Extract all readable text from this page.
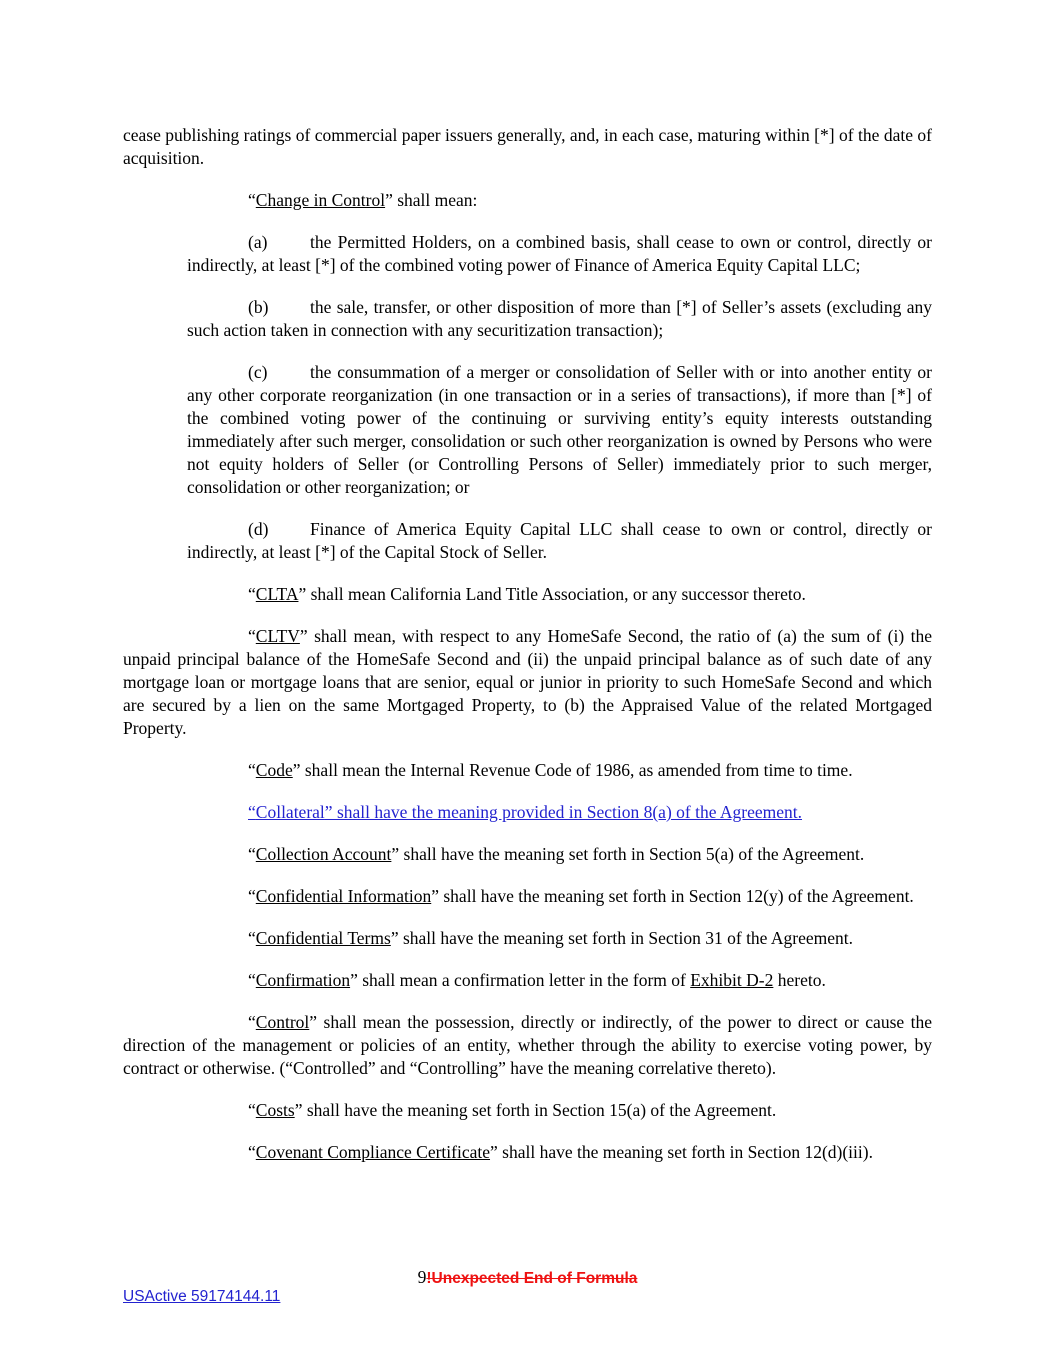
cease publishing ratings of commercial paper issuers generally, and, in each case, maturing within [*] of the date of acquisition.

“Change in Control” shall mean:

(a) the Permitted Holders, on a combined basis, shall cease to own or control, directly or indirectly, at least [*] of the combined voting power of Finance of America Equity Capital LLC;

(b) the sale, transfer, or other disposition of more than [*] of Seller’s assets (excluding any such action taken in connection with any securitization transaction);

(c) the consummation of a merger or consolidation of Seller with or into another entity or any other corporate reorganization (in one transaction or in a series of transactions), if more than [*] of the combined voting power of the continuing or surviving entity’s equity interests outstanding immediately after such merger, consolidation or such other reorganization is owned by Persons who were not equity holders of Seller (or Controlling Persons of Seller) immediately prior to such merger, consolidation or other reorganization; or

(d) Finance of America Equity Capital LLC shall cease to own or control, directly or indirectly, at least [*] of the Capital Stock of Seller.

“CLTA” shall mean California Land Title Association, or any successor thereto.

“CLTV” shall mean, with respect to any HomeSafe Second, the ratio of (a) the sum of (i) the unpaid principal balance of the HomeSafe Second and (ii) the unpaid principal balance as of such date of any mortgage loan or mortgage loans that are senior, equal or junior in priority to such HomeSafe Second and which are secured by a lien on the same Mortgaged Property, to (b) the Appraised Value of the related Mortgaged Property.

“Code” shall mean the Internal Revenue Code of 1986, as amended from time to time.

“Collateral” shall have the meaning provided in Section 8(a) of the Agreement.

“Collection Account” shall have the meaning set forth in Section 5(a) of the Agreement.

“Confidential Information” shall have the meaning set forth in Section 12(y) of the Agreement.

“Confidential Terms” shall have the meaning set forth in Section 31 of the Agreement.

“Confirmation” shall mean a confirmation letter in the form of Exhibit D-2 hereto.

“Control” shall mean the possession, directly or indirectly, of the power to direct or cause the direction of the management or policies of an entity, whether through the ability to exercise voting power, by contract or otherwise. (“Controlled” and “Controlling” have the meaning correlative thereto).

“Costs” shall have the meaning set forth in Section 15(a) of the Agreement.

“Covenant Compliance Certificate” shall have the meaning set forth in Section 12(d)(iii).

9!Unexpected End of Formula
USActive 59174144.11
